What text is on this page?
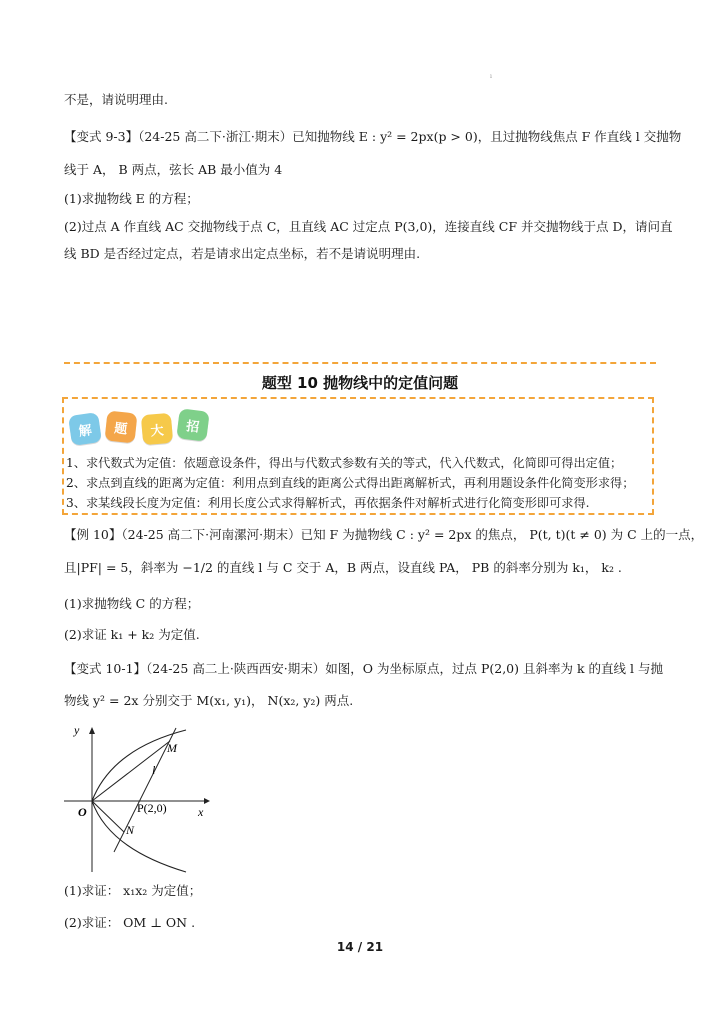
ı
不是，请说明理由.
【变式 9-3】（24-25 高二下·浙江·期末）已知抛物线 E : y² = 2px(p > 0)，且过抛物线焦点 F 作直线 l 交抛物
线于 A， B 两点，弦长 AB 最小值为 4
(1)求抛物线 E 的方程；
(2)过点 A 作直线 AC 交抛物线于点 C，且直线 AC 过定点 P(3,0)，连接直线 CF 并交抛物线于点 D，请问直
线 BD 是否经过定点，若是请求出定点坐标，若不是请说明理由.
题型 10 抛物线中的定值问题
解	题	大	招
1、求代数式为定值：依题意设条件，得出与代数式参数有关的等式，代入代数式，化简即可得出定值；
2、求点到直线的距离为定值：利用点到直线的距离公式得出距离解析式，再利用题设条件化简变形求得；
3、求某线段长度为定值：利用长度公式求得解析式，再依据条件对解析式进行化简变形即可求得.
【例 10】（24-25 高二下·河南漯河·期末）已知 F 为抛物线 C : y² = 2px 的焦点， P(t, t)(t ≠ 0) 为 C 上的一点，
且|PF| = 5，斜率为 −1/2 的直线 l 与 C 交于 A，B 两点，设直线 PA， PB 的斜率分别为 k₁， k₂ .
(1)求抛物线 C 的方程；
(2)求证 k₁ + k₂ 为定值.
【变式 10-1】（24-25 高二上·陕西西安·期末）如图，O 为坐标原点，过点 P(2,0) 且斜率为 k 的直线 l 与抛
物线 y² = 2x 分别交于 M(x₁, y₁)， N(x₂, y₂) 两点.
y
x
O	P(2,0)
M
N
l
(1)求证： x₁x₂ 为定值；
(2)求证： OM ⊥ ON .
14 / 21
